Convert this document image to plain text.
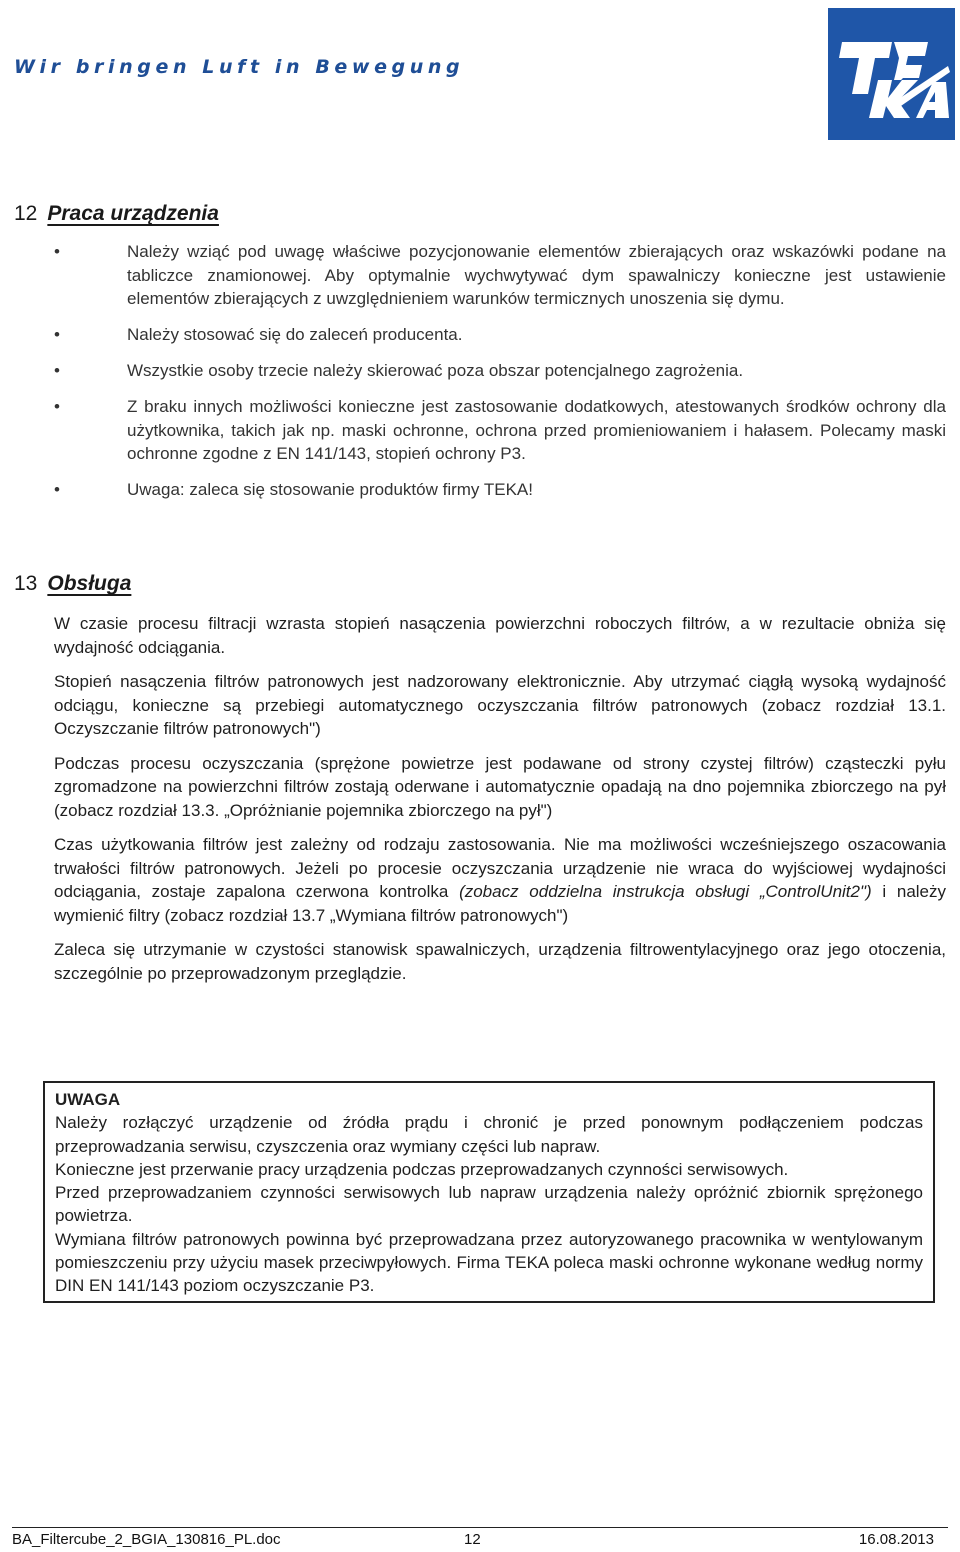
Wir bringen Luft in Bewegung
12 Praca urządzenia
•	Należy wziąć pod uwagę właściwe pozycjonowanie elementów zbierających oraz wskazówki podane na tabliczce znamionowej. Aby optymalnie wychwytywać dym spawalniczy konieczne jest ustawienie elementów zbierających z uwzględnieniem warunków termicznych unoszenia się dymu.
•	Należy stosować się do zaleceń producenta.
•	Wszystkie osoby trzecie należy skierować poza obszar potencjalnego zagrożenia.
•	Z braku innych możliwości konieczne jest zastosowanie dodatkowych, atestowanych środków ochrony dla użytkownika, takich jak np. maski ochronne, ochrona przed promieniowaniem i hałasem. Polecamy maski ochronne zgodne z EN 141/143, stopień ochrony P3.
•	Uwaga: zaleca się stosowanie produktów firmy TEKA!
13 Obsługa

W czasie procesu filtracji wzrasta stopień nasączenia powierzchni roboczych filtrów, a w rezultacie obniża się wydajność odciągania.

Stopień nasączenia filtrów patronowych jest nadzorowany elektronicznie. Aby utrzymać ciągłą wysoką wydajność odciągu, konieczne są przebiegi automatycznego oczyszczania filtrów patronowych (zobacz rozdział 13.1. Oczyszczanie filtrów patronowych")

Podczas procesu oczyszczania (sprężone powietrze jest podawane od strony czystej filtrów) cząsteczki pyłu zgromadzone na powierzchni filtrów zostają oderwane i automatycznie opadają na dno pojemnika zbiorczego na pył (zobacz rozdział 13.3. „Opróżnianie pojemnika zbiorczego na pył")

Czas użytkowania filtrów jest zależny od rodzaju zastosowania. Nie ma możliwości wcześniejszego oszacowania trwałości filtrów patronowych. Jeżeli po procesie oczyszczania urządzenie nie wraca do wyjściowej wydajności odciągania, zostaje zapalona czerwona kontrolka (zobacz oddzielna instrukcja obsługi „ControlUnit2") i należy wymienić filtry (zobacz rozdział 13.7 „Wymiana filtrów patronowych")

Zaleca się utrzymanie w czystości stanowisk spawalniczych, urządzenia filtrowentylacyjnego oraz jego otoczenia, szczególnie po przeprowadzonym przeglądzie.

UWAGA

Należy rozłączyć urządzenie od źródła prądu i chronić je przed ponownym podłączeniem podczas przeprowadzania serwisu, czyszczenia oraz wymiany części lub napraw.

Konieczne jest przerwanie pracy urządzenia podczas przeprowadzanych czynności serwisowych.

Przed przeprowadzaniem czynności serwisowych lub napraw urządzenia należy opróżnić zbiornik sprężonego powietrza.

Wymiana filtrów patronowych powinna być przeprowadzana przez autoryzowanego pracownika w wentylowanym pomieszczeniu przy użyciu masek przeciwpyłowych. Firma TEKA poleca maski ochronne wykonane według normy DIN EN 141/143 poziom oczyszczanie P3.

BA_Filtercube_2_BGIA_130816_PL.doc	12	16.08.2013
